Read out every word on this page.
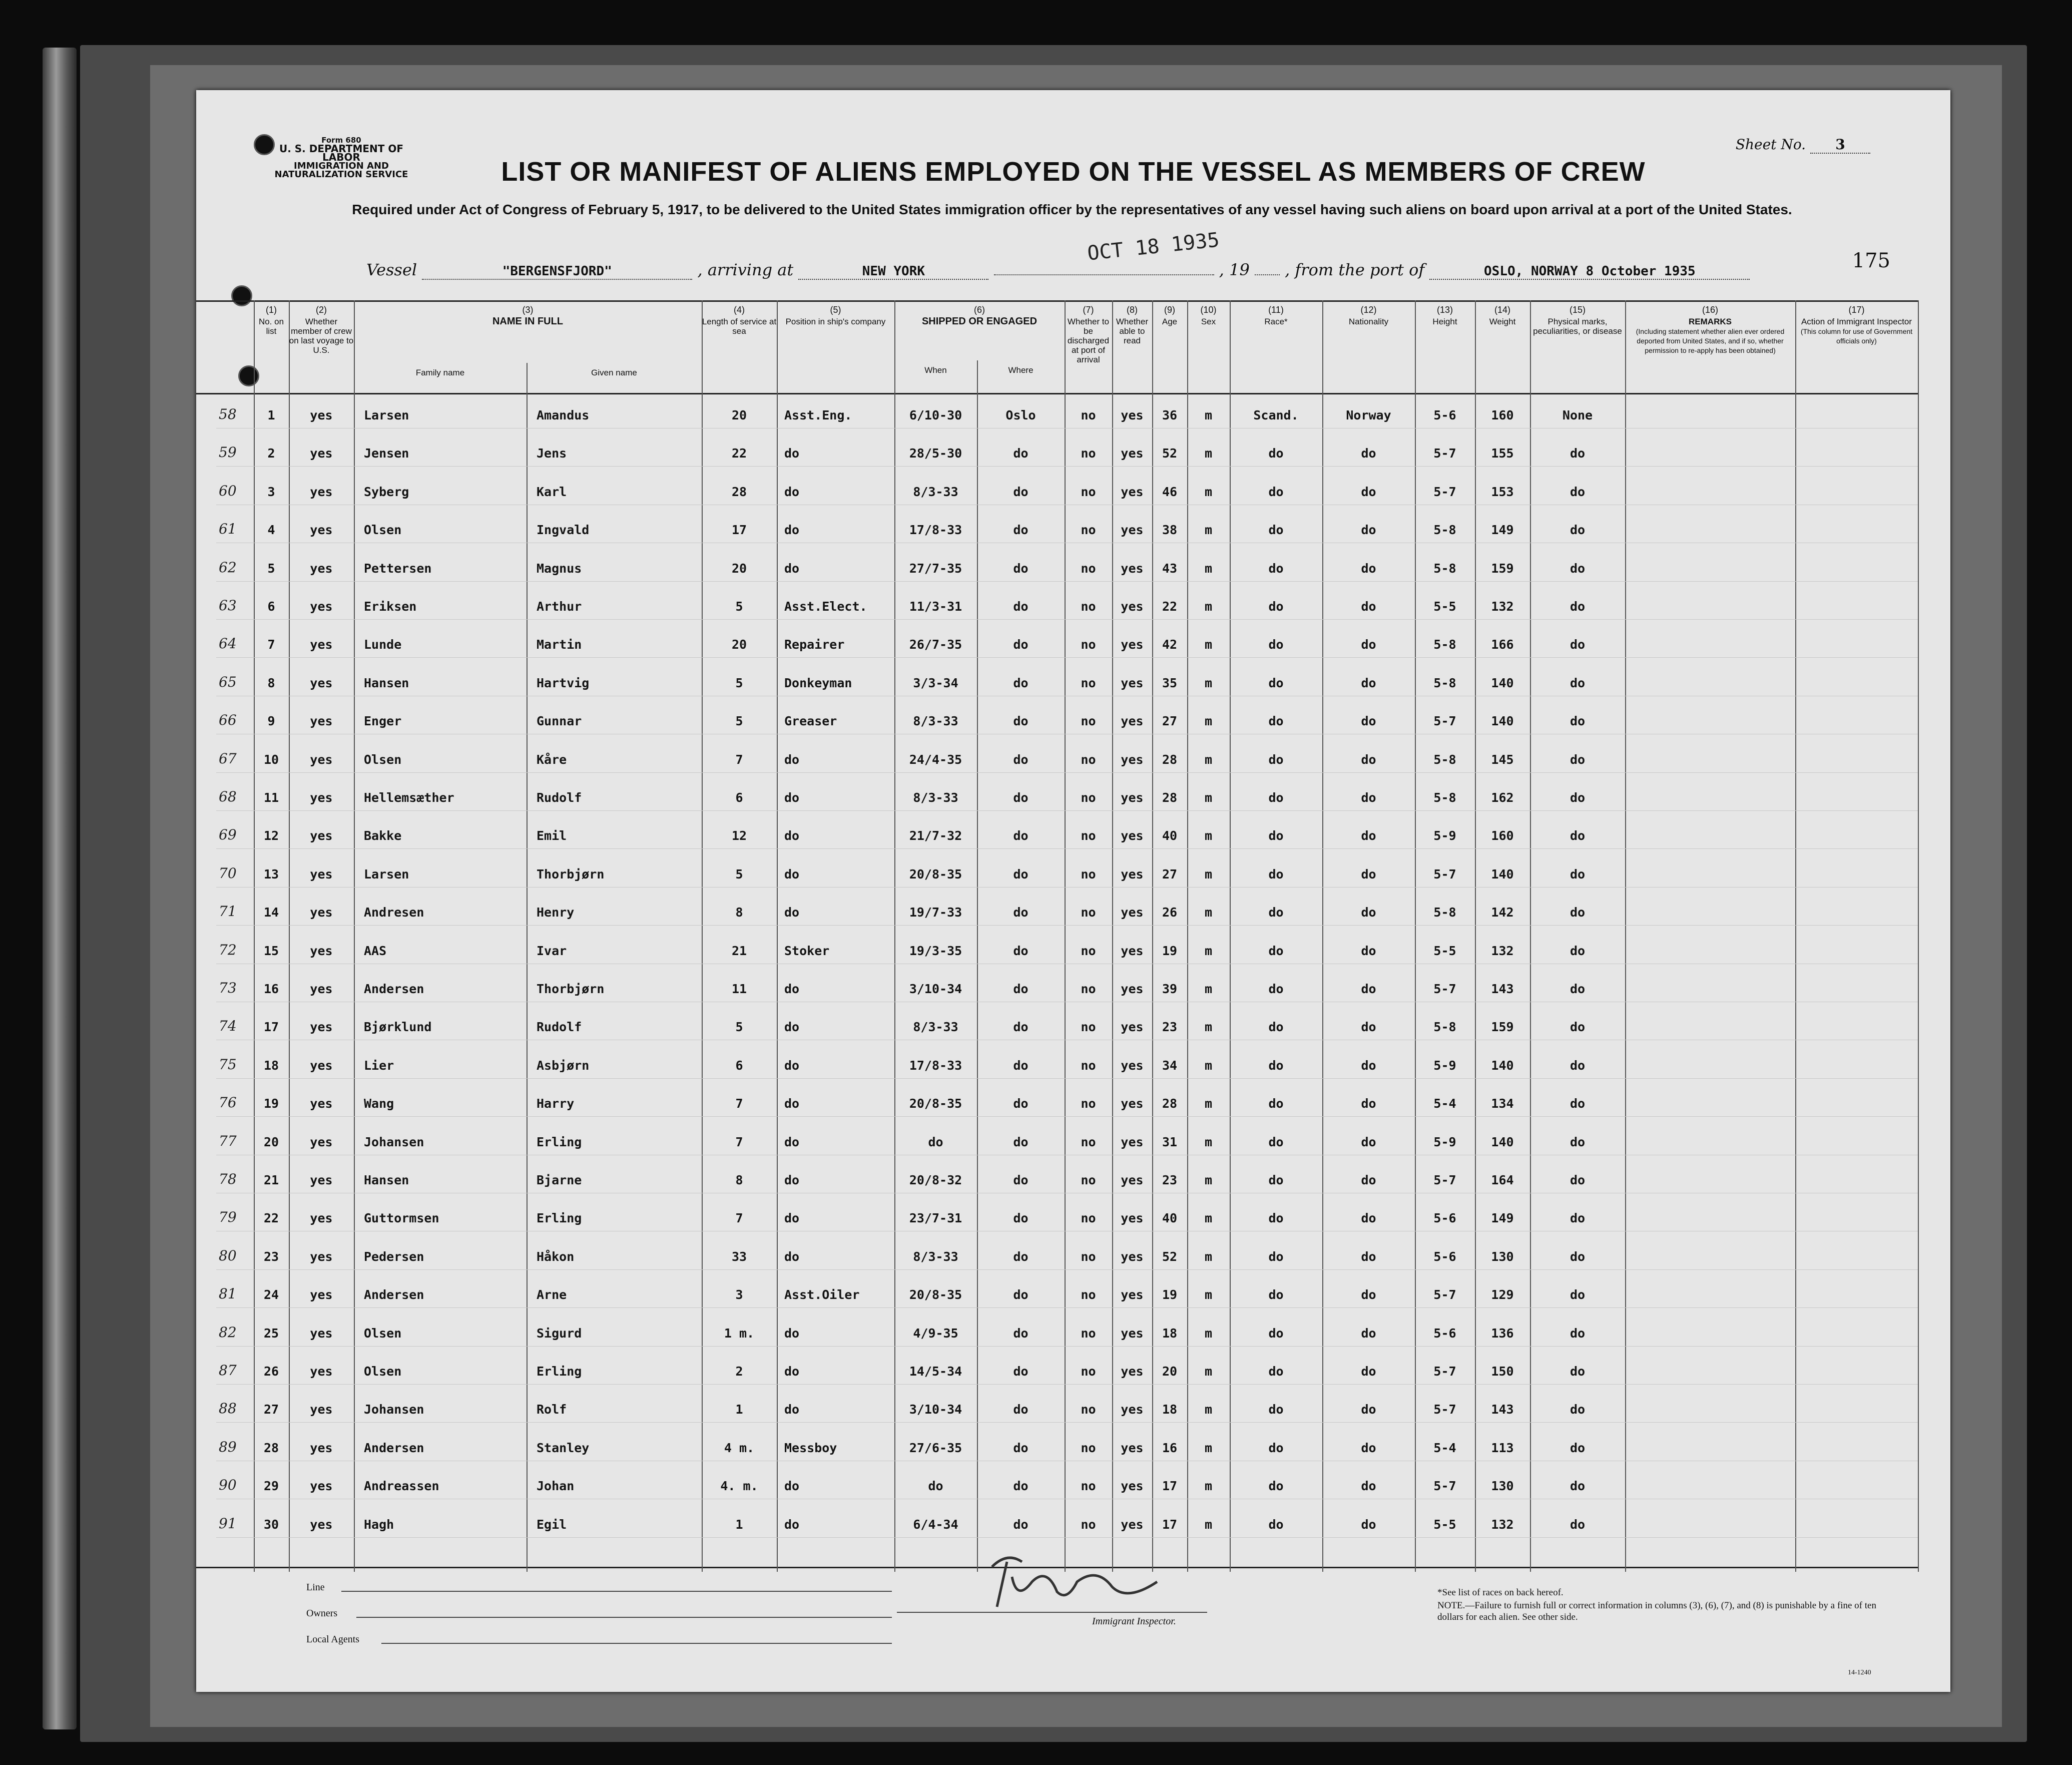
Form 680
U. S. DEPARTMENT OF LABOR
IMMIGRATION AND NATURALIZATION SERVICE
Sheet No. 3
LIST OR MANIFEST OF ALIENS EMPLOYED ON THE VESSEL AS MEMBERS OF CREW
Required under Act of Congress of February 5, 1917, to be delivered to the United States immigration officer by the representatives of any vessel having such aliens on board upon arrival at a port of the United States.
OCT 18 1935	175
Vessel	"BERGENSFJORD"	, arriving at	NEW YORK	, 19 , from the port of	OSLO, NORWAY 8 October 1935
(1)
No. on list
(2)
Whether member of crew on last voyage to U.S.
(3)
NAME IN FULL
Family name	Given name
(4)
Length of service at sea
(5)
Position in ship's company
(6)
SHIPPED OR ENGAGED
When	Where
(7)
Whether to be discharged at port of arrival
(8)
Whether able to read
(9)
Age
(10)
Sex
(11)
Race*
(12)
Nationality
(13)
Height
(14)
Weight
(15)
Physical marks, peculiarities, or disease
(16)
REMARKS
(Including statement whether alien ever ordered deported from United States, and if so, whether permission to re-apply has been obtained)
(17)
Action of Immigrant Inspector
(This column for use of Government officials only)
58	1	yes	Larsen	Amandus	20	Asst.Eng.	6/10-30	Oslo	no	yes	36	m	Scand.	Norway	5-6	160	None
59	2	yes	Jensen	Jens	22	do	28/5-30	do	no	yes	52	m	do	do	5-7	155	do
60	3	yes	Syberg	Karl	28	do	8/3-33	do	no	yes	46	m	do	do	5-7	153	do
61	4	yes	Olsen	Ingvald	17	do	17/8-33	do	no	yes	38	m	do	do	5-8	149	do
62	5	yes	Pettersen	Magnus	20	do	27/7-35	do	no	yes	43	m	do	do	5-8	159	do
63	6	yes	Eriksen	Arthur	5	Asst.Elect.	11/3-31	do	no	yes	22	m	do	do	5-5	132	do
64	7	yes	Lunde	Martin	20	Repairer	26/7-35	do	no	yes	42	m	do	do	5-8	166	do
65	8	yes	Hansen	Hartvig	5	Donkeyman	3/3-34	do	no	yes	35	m	do	do	5-8	140	do
66	9	yes	Enger	Gunnar	5	Greaser	8/3-33	do	no	yes	27	m	do	do	5-7	140	do
67	10	yes	Olsen	Kåre	7	do	24/4-35	do	no	yes	28	m	do	do	5-8	145	do
68	11	yes	Hellemsæther	Rudolf	6	do	8/3-33	do	no	yes	28	m	do	do	5-8	162	do
69	12	yes	Bakke	Emil	12	do	21/7-32	do	no	yes	40	m	do	do	5-9	160	do
70	13	yes	Larsen	Thorbjørn	5	do	20/8-35	do	no	yes	27	m	do	do	5-7	140	do
71	14	yes	Andresen	Henry	8	do	19/7-33	do	no	yes	26	m	do	do	5-8	142	do
72	15	yes	AAS	Ivar	21	Stoker	19/3-35	do	no	yes	19	m	do	do	5-5	132	do
73	16	yes	Andersen	Thorbjørn	11	do	3/10-34	do	no	yes	39	m	do	do	5-7	143	do
74	17	yes	Bjørklund	Rudolf	5	do	8/3-33	do	no	yes	23	m	do	do	5-8	159	do
75	18	yes	Lier	Asbjørn	6	do	17/8-33	do	no	yes	34	m	do	do	5-9	140	do
76	19	yes	Wang	Harry	7	do	20/8-35	do	no	yes	28	m	do	do	5-4	134	do
77	20	yes	Johansen	Erling	7	do	do	do	no	yes	31	m	do	do	5-9	140	do
78	21	yes	Hansen	Bjarne	8	do	20/8-32	do	no	yes	23	m	do	do	5-7	164	do
79	22	yes	Guttormsen	Erling	7	do	23/7-31	do	no	yes	40	m	do	do	5-6	149	do
80	23	yes	Pedersen	Håkon	33	do	8/3-33	do	no	yes	52	m	do	do	5-6	130	do
81	24	yes	Andersen	Arne	3	Asst.Oiler	20/8-35	do	no	yes	19	m	do	do	5-7	129	do
82	25	yes	Olsen	Sigurd	1 m.	do	4/9-35	do	no	yes	18	m	do	do	5-6	136	do
87	26	yes	Olsen	Erling	2	do	14/5-34	do	no	yes	20	m	do	do	5-7	150	do
88	27	yes	Johansen	Rolf	1	do	3/10-34	do	no	yes	18	m	do	do	5-7	143	do
89	28	yes	Andersen	Stanley	4 m.	Messboy	27/6-35	do	no	yes	16	m	do	do	5-4	113	do
90	29	yes	Andreassen	Johan	4. m.	do	do	do	no	yes	17	m	do	do	5-7	130	do
91	30	yes	Hagh	Egil	1	do	6/4-34	do	no	yes	17	m	do	do	5-5	132	do
Line
Owners
Local Agents
Immigrant Inspector.
*See list of races on back hereof.
NOTE.—Failure to furnish full or correct information in columns (3), (6), (7), and (8) is punishable by a fine of ten dollars for each alien. See other side.
14-1240
